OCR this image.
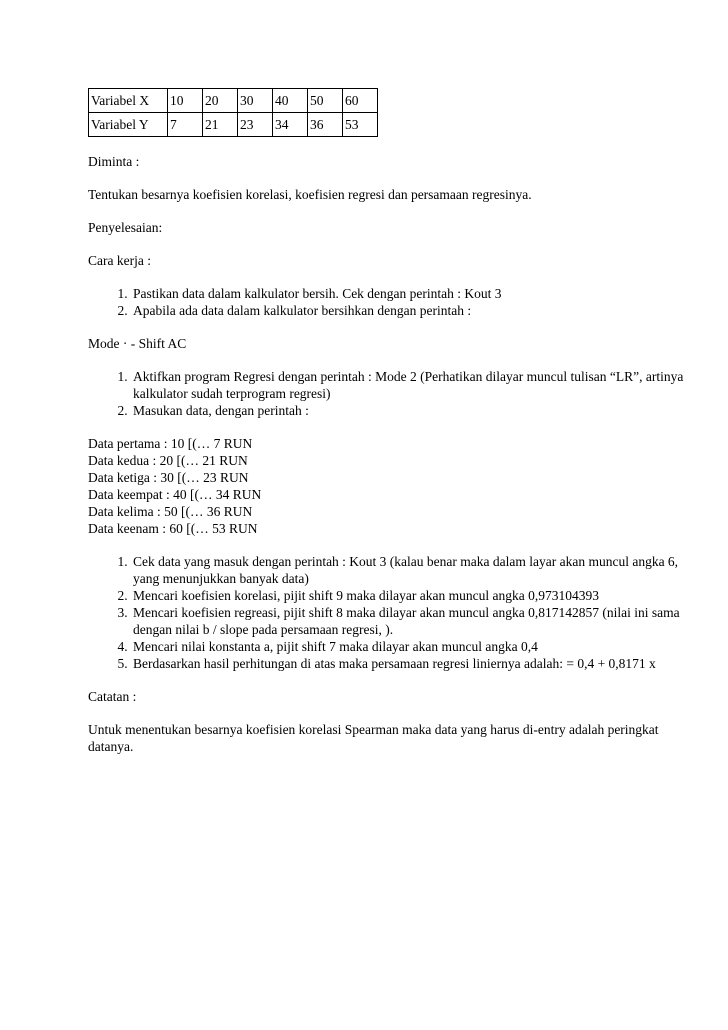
Variabel X	10	20	30	40	50	60
Variabel Y	7	21	23	34	36	53

Diminta :

Tentukan besarnya koefisien korelasi, koefisien regresi dan persamaan regresinya.

Penyelesaian:

Cara kerja :

1. Pastikan data dalam kalkulator bersih. Cek dengan perintah : Kout 3
2. Apabila ada data dalam kalkulator bersihkan dengan perintah :

Mode · - Shift AC

1. Aktifkan program Regresi dengan perintah : Mode 2 (Perhatikan dilayar muncul tulisan “LR”, artinya kalkulator sudah terprogram regresi)
2. Masukan data, dengan perintah :
Data pertama : 10 [(… 7 RUN
Data kedua : 20 [(… 21 RUN
Data ketiga : 30 [(… 23 RUN
Data keempat : 40 [(… 34 RUN
Data kelima : 50 [(… 36 RUN
Data keenam : 60 [(… 53 RUN
1. Cek data yang masuk dengan perintah : Kout 3 (kalau benar maka dalam layar akan muncul angka 6, yang menunjukkan banyak data)
2. Mencari koefisien korelasi, pijit shift 9 maka dilayar akan muncul angka 0,973104393
3. Mencari koefisien regreasi, pijit shift 8 maka dilayar akan muncul angka 0,817142857 (nilai ini sama dengan nilai b / slope pada persamaan regresi, ).
4. Mencari nilai konstanta a, pijit shift 7 maka dilayar akan muncul angka 0,4
5. Berdasarkan hasil perhitungan di atas maka persamaan regresi liniernya adalah: = 0,4 + 0,8171 x

Catatan :

Untuk menentukan besarnya koefisien korelasi Spearman maka data yang harus di-entry adalah peringkat datanya.
